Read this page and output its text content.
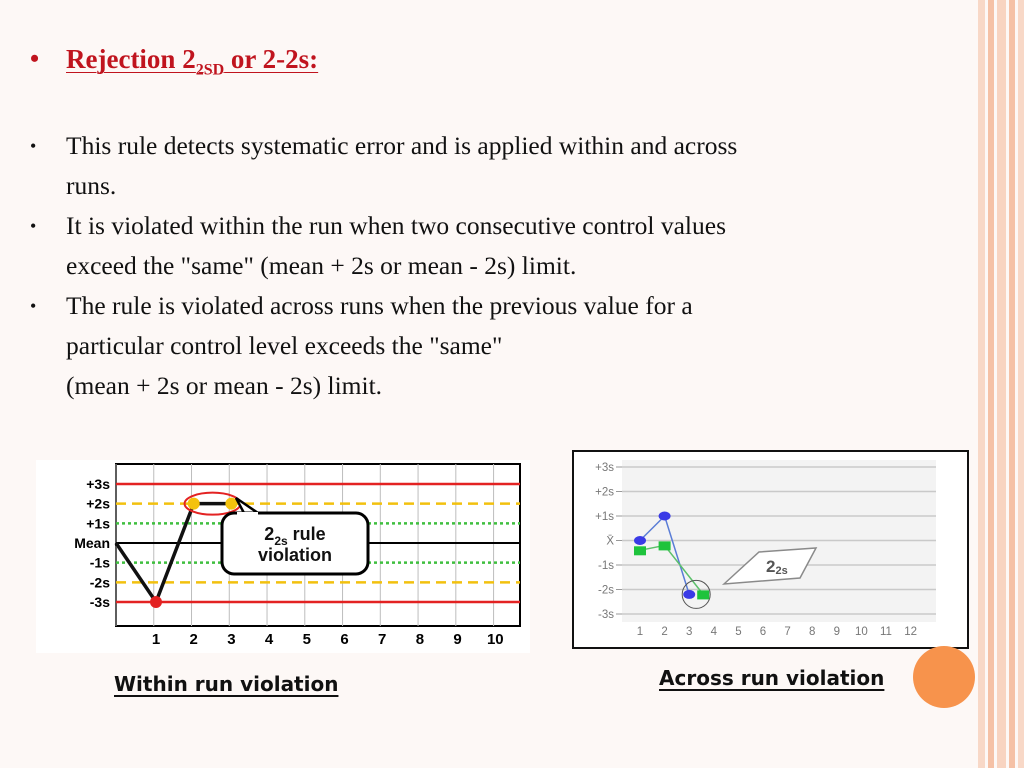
• Rejection $2_{2SD}$ or 2-2s:
• This rule detects systematic error and is applied within and across
runs.
• It is violated within the run when two consecutive control values
exceed the "same" (mean + 2s or mean - 2s) limit.
• The rule is violated across runs when the previous value for a
particular control level exceeds the "same"
(mean + 2s or mean - 2s) limit.
+3s
+2s
+1s
Mean
-1s
-2s
-3s
1 2 3 4 5 6 7 8 9 10
$2_{2s}$ rule
violation
+3s
+2s
+1s
X̄
-1s
-2s
-3s
1 2 3 4 5 6 7 8 9 10 11 12
22s
Within run violation	Across run violation
